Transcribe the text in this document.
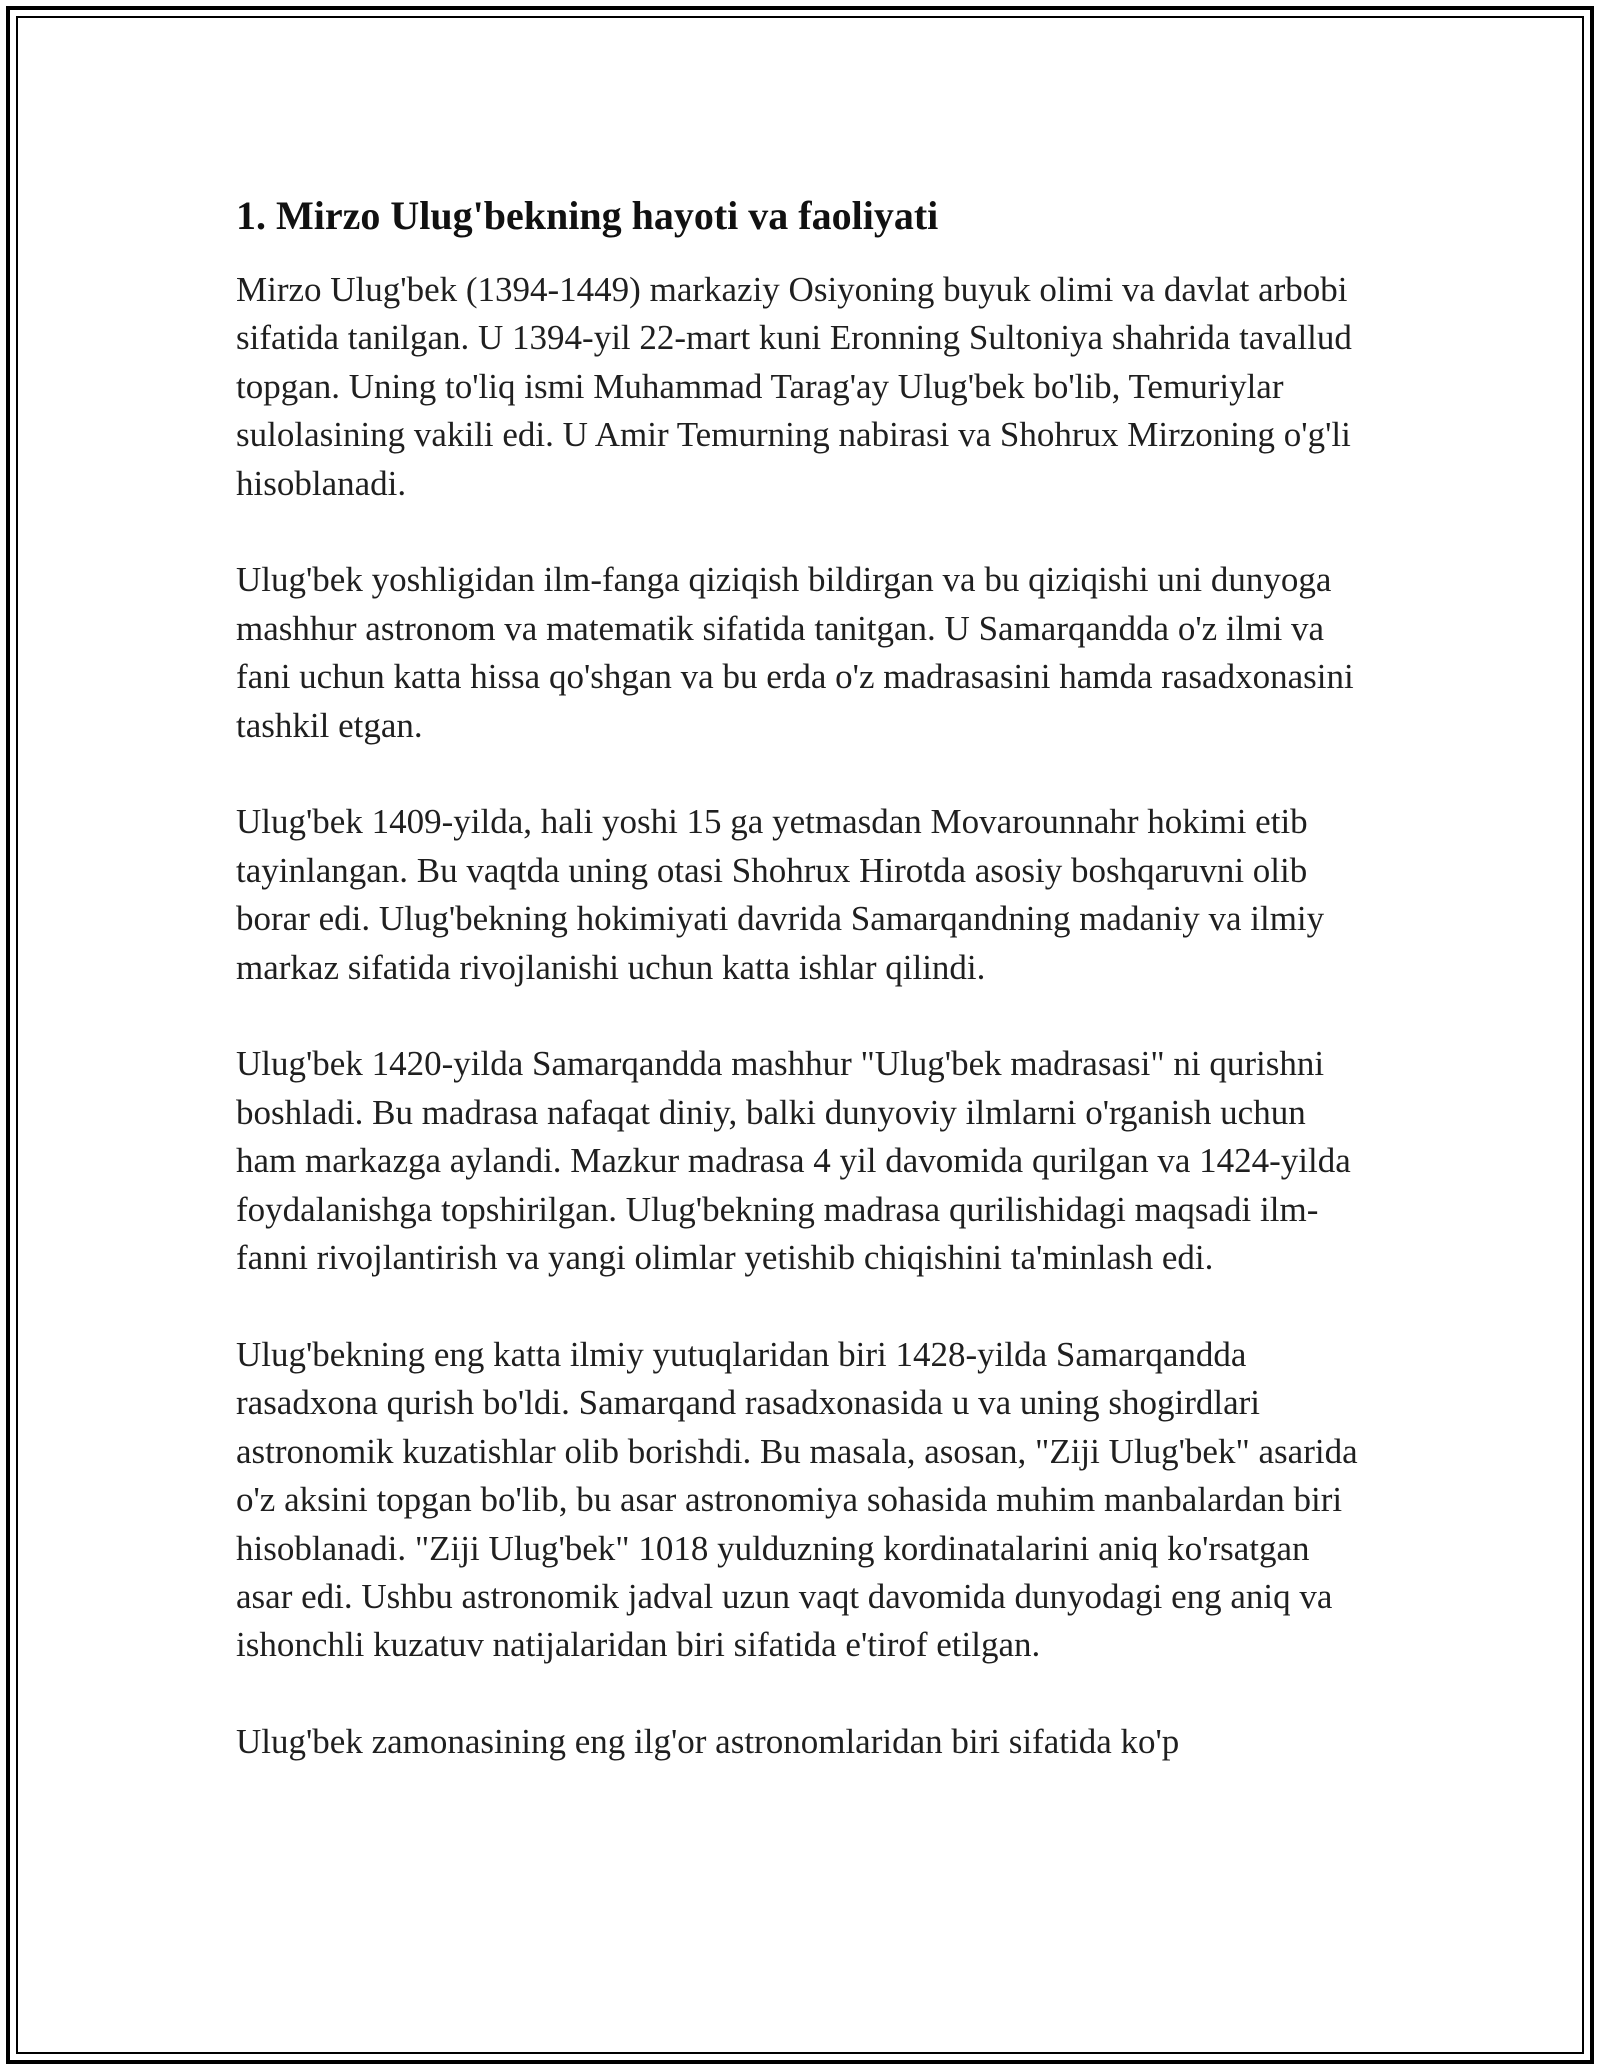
1. Mirzo Ulug'bekning hayoti va faoliyati

Mirzo Ulug'bek (1394-1449) markaziy Osiyoning buyuk olimi va davlat arbobi sifatida tanilgan. U 1394-yil 22-mart kuni Eronning Sultoniya shahrida tavallud topgan. Uning to'liq ismi Muhammad Tarag'ay Ulug'bek bo'lib, Temuriylar sulolasining vakili edi. U Amir Temurning nabirasi va Shohrux Mirzoning o'g'li hisoblanadi.

Ulug'bek yoshligidan ilm-fanga qiziqish bildirgan va bu qiziqishi uni dunyoga mashhur astronom va matematik sifatida tanitgan. U Samarqandda o'z ilmi va fani uchun katta hissa qo'shgan va bu erda o'z madrasasini hamda rasadxonasini tashkil etgan.

Ulug'bek 1409-yilda, hali yoshi 15 ga yetmasdan Movarounnahr hokimi etib tayinlangan. Bu vaqtda uning otasi Shohrux Hirotda asosiy boshqaruvni olib borar edi. Ulug'bekning hokimiyati davrida Samarqandning madaniy va ilmiy markaz sifatida rivojlanishi uchun katta ishlar qilindi.

Ulug'bek 1420-yilda Samarqandda mashhur "Ulug'bek madrasasi" ni qurishni boshladi. Bu madrasa nafaqat diniy, balki dunyoviy ilmlarni o'rganish uchun ham markazga aylandi. Mazkur madrasa 4 yil davomida qurilgan va 1424-yilda foydalanishga topshirilgan. Ulug'bekning madrasa qurilishidagi maqsadi ilm-fanni rivojlantirish va yangi olimlar yetishib chiqishini ta'minlash edi.

Ulug'bekning eng katta ilmiy yutuqlaridan biri 1428-yilda Samarqandda rasadxona qurish bo'ldi. Samarqand rasadxonasida u va uning shogirdlari astronomik kuzatishlar olib borishdi. Bu masala, asosan, "Ziji Ulug'bek" asarida o'z aksini topgan bo'lib, bu asar astronomiya sohasida muhim manbalardan biri hisoblanadi. "Ziji Ulug'bek" 1018 yulduzning kordinatalarini aniq ko'rsatgan asar edi. Ushbu astronomik jadval uzun vaqt davomida dunyodagi eng aniq va ishonchli kuzatuv natijalaridan biri sifatida e'tirof etilgan.

Ulug'bek zamonasining eng ilg'or astronomlaridan biri sifatida ko'p
